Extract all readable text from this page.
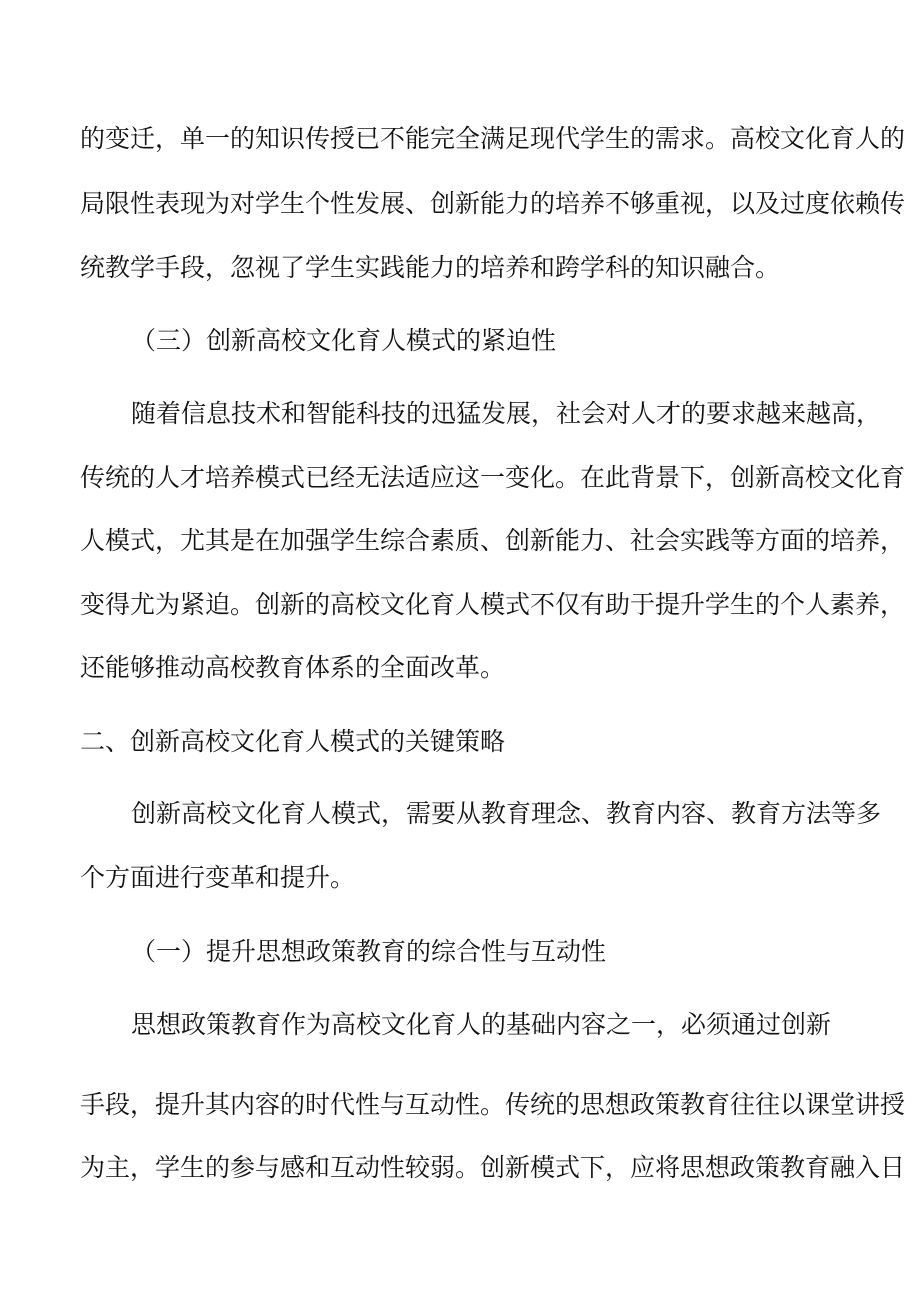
的变迁，单一的知识传授已不能完全满足现代学生的需求。高校文化育人的

局限性表现为对学生个性发展、创新能力的培养不够重视，以及过度依赖传

统教学手段，忽视了学生实践能力的培养和跨学科的知识融合。

（三）创新高校文化育人模式的紧迫性

随着信息技术和智能科技的迅猛发展，社会对人才的要求越来越高，

传统的人才培养模式已经无法适应这一变化。在此背景下，创新高校文化育

人模式，尤其是在加强学生综合素质、创新能力、社会实践等方面的培养，

变得尤为紧迫。创新的高校文化育人模式不仅有助于提升学生的个人素养，

还能够推动高校教育体系的全面改革。

二、创新高校文化育人模式的关键策略

创新高校文化育人模式，需要从教育理念、教育内容、教育方法等多

个方面进行变革和提升。

（一）提升思想政策教育的综合性与互动性

思想政策教育作为高校文化育人的基础内容之一，必须通过创新

手段，提升其内容的时代性与互动性。传统的思想政策教育往往以课堂讲授

为主，学生的参与感和互动性较弱。创新模式下，应将思想政策教育融入日
